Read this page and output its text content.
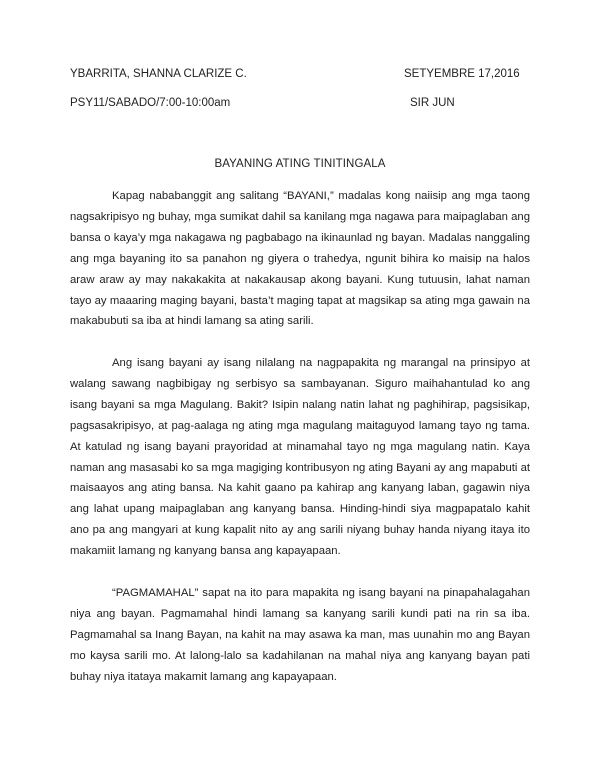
YBARRITA, SHANNA CLARIZE C.	SETYEMBRE 17,2016
PSY11/SABADO/7:00-10:00am	SIR JUN
BAYANING ATING TINITINGALA

Kapag nababanggit ang salitang “BAYANI,” madalas kong naiisip ang mga taong nagsakripisyo ng buhay, mga sumikat dahil sa kanilang mga nagawa para maipaglaban ang bansa o kaya’y mga nakagawa ng pagbabago na ikinaunlad ng bayan. Madalas nanggaling ang mga bayaning ito sa panahon ng giyera o trahedya, ngunit bihira ko maisip na halos araw araw ay may nakakakita at nakakausap akong bayani. Kung tutuusin, lahat naman tayo ay maaaring maging bayani, basta’t maging tapat at magsikap sa ating mga gawain na makabubuti sa iba at hindi lamang sa ating sarili.

Ang isang bayani ay isang nilalang na nagpapakita ng marangal na prinsipyo at walang sawang nagbibigay ng serbisyo sa sambayanan. Siguro maihahantulad ko ang isang bayani sa mga Magulang. Bakit? Isipin nalang natin lahat ng paghihirap, pagsisikap, pagsasakripisyo, at pag-aalaga ng ating mga magulang maitaguyod lamang tayo ng tama. At katulad ng isang bayani prayoridad at minamahal tayo ng mga magulang natin. Kaya naman ang masasabi ko sa mga magiging kontribusyon ng ating Bayani ay ang mapabuti at maisaayos ang ating bansa. Na kahit gaano pa kahirap ang kanyang laban, gagawin niya ang lahat upang maipaglaban ang kanyang bansa. Hinding-hindi siya magpapatalo kahit ano pa ang mangyari at kung kapalit nito ay ang sarili niyang buhay handa niyang itaya ito makamiit lamang ng kanyang bansa ang kapayapaan.

“PAGMAMAHAL” sapat na ito para mapakita ng isang bayani na pinapahalagahan niya ang bayan. Pagmamahal hindi lamang sa kanyang sarili kundi pati na rin sa iba. Pagmamahal sa Inang Bayan, na kahit na may asawa ka man, mas uunahin mo ang Bayan mo kaysa sarili mo. At lalong-lalo sa kadahilanan na mahal niya ang kanyang bayan pati buhay niya itataya makamit lamang ang kapayapaan.
